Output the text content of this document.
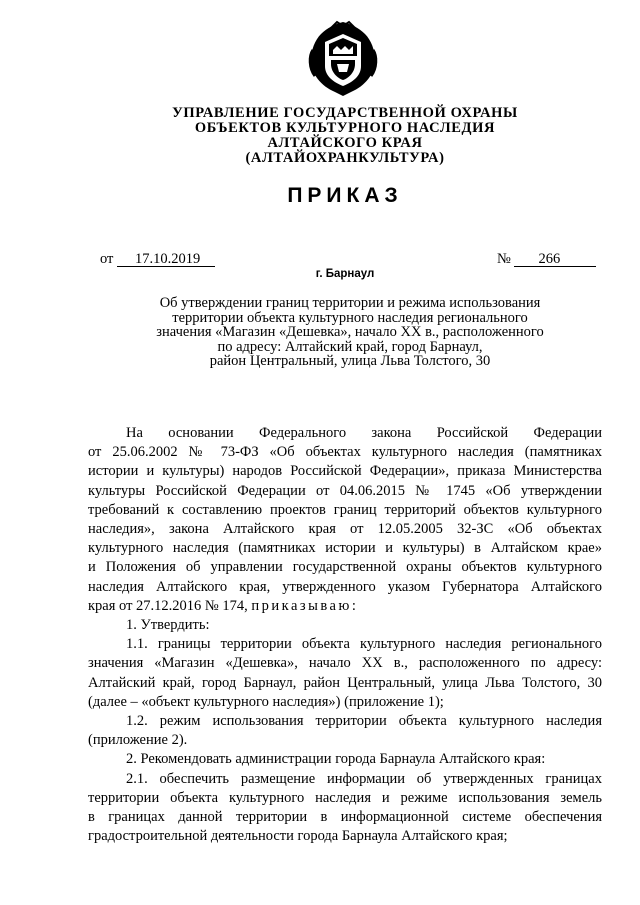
УПРАВЛЕНИЕ ГОСУДАРСТВЕННОЙ ОХРАНЫ
ОБЪЕКТОВ КУЛЬТУРНОГО НАСЛЕДИЯ
АЛТАЙСКОГО КРАЯ
(АЛТАЙОХРАНКУЛЬТУРА)
ПРИКАЗ
от 17.10.2019	№ 266
г. Барнаул
Об утверждении границ территории и режима использования
территории объекта культурного наследия регионального
значения «Магазин «Дешевка», начало XX в., расположенного
по адресу: Алтайский край, город Барнаул,
район Центральный, улица Льва Толстого, 30

На основании Федерального закона Российской Федерации

от 25.06.2002 № 73-ФЗ «Об объектах культурного наследия (памятниках

истории и культуры) народов Российской Федерации», приказа Министерства

культуры Российской Федерации от 04.06.2015 № 1745 «Об утверждении

требований к составлению проектов границ территорий объектов культурного

наследия», закона Алтайского края от 12.05.2005 32-ЗС «Об объектах

культурного наследия (памятниках истории и культуры) в Алтайском крае»

и Положения об управлении государственной охраны объектов культурного

наследия Алтайского края, утвержденного указом Губернатора Алтайского

края от 27.12.2016 № 174, приказываю:

1. Утвердить:

1.1. границы территории объекта культурного наследия регионального

значения «Магазин «Дешевка», начало XX в., расположенного по адресу:

Алтайский край, город Барнаул, район Центральный, улица Льва Толстого, 30

(далее – «объект культурного наследия») (приложение 1);

1.2. режим использования территории объекта культурного наследия

(приложение 2).

2. Рекомендовать администрации города Барнаула Алтайского края:

2.1. обеспечить размещение информации об утвержденных границах

территории объекта культурного наследия и режиме использования земель

в границах данной территории в информационной системе обеспечения

градостроительной деятельности города Барнаула Алтайского края;
